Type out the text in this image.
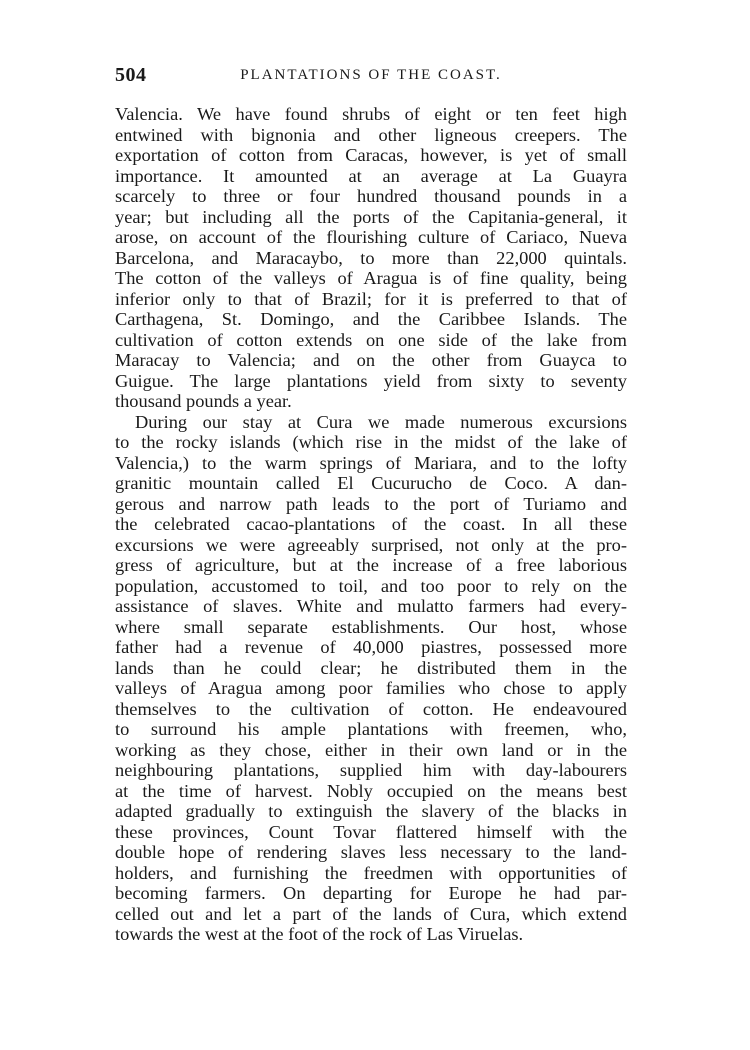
504	PLANTATIONS OF THE COAST.
Valencia. We have found shrubs of eight or ten feet high
entwined with bignonia and other ligneous creepers. The
exportation of cotton from Caracas, however, is yet of small
importance. It amounted at an average at La Guayra
scarcely to three or four hundred thousand pounds in a
year; but including all the ports of the Capitania-general, it
arose, on account of the flourishing culture of Cariaco, Nueva
Barcelona, and Maracaybo, to more than 22,000 quintals.
The cotton of the valleys of Aragua is of fine quality, being
inferior only to that of Brazil; for it is preferred to that of
Carthagena, St. Domingo, and the Caribbee Islands. The
cultivation of cotton extends on one side of the lake from
Maracay to Valencia; and on the other from Guayca to
Guigue. The large plantations yield from sixty to seventy
thousand pounds a year.
During our stay at Cura we made numerous excursions
to the rocky islands (which rise in the midst of the lake of
Valencia,) to the warm springs of Mariara, and to the lofty
granitic mountain called El Cucurucho de Coco. A dan-
gerous and narrow path leads to the port of Turiamo and
the celebrated cacao-plantations of the coast. In all these
excursions we were agreeably surprised, not only at the pro-
gress of agriculture, but at the increase of a free laborious
population, accustomed to toil, and too poor to rely on the
assistance of slaves. White and mulatto farmers had every-
where small separate establishments. Our host, whose
father had a revenue of 40,000 piastres, possessed more
lands than he could clear; he distributed them in the
valleys of Aragua among poor families who chose to apply
themselves to the cultivation of cotton. He endeavoured
to surround his ample plantations with freemen, who,
working as they chose, either in their own land or in the
neighbouring plantations, supplied him with day-labourers
at the time of harvest. Nobly occupied on the means best
adapted gradually to extinguish the slavery of the blacks in
these provinces, Count Tovar flattered himself with the
double hope of rendering slaves less necessary to the land-
holders, and furnishing the freedmen with opportunities of
becoming farmers. On departing for Europe he had par-
celled out and let a part of the lands of Cura, which extend
towards the west at the foot of the rock of Las Viruelas.
